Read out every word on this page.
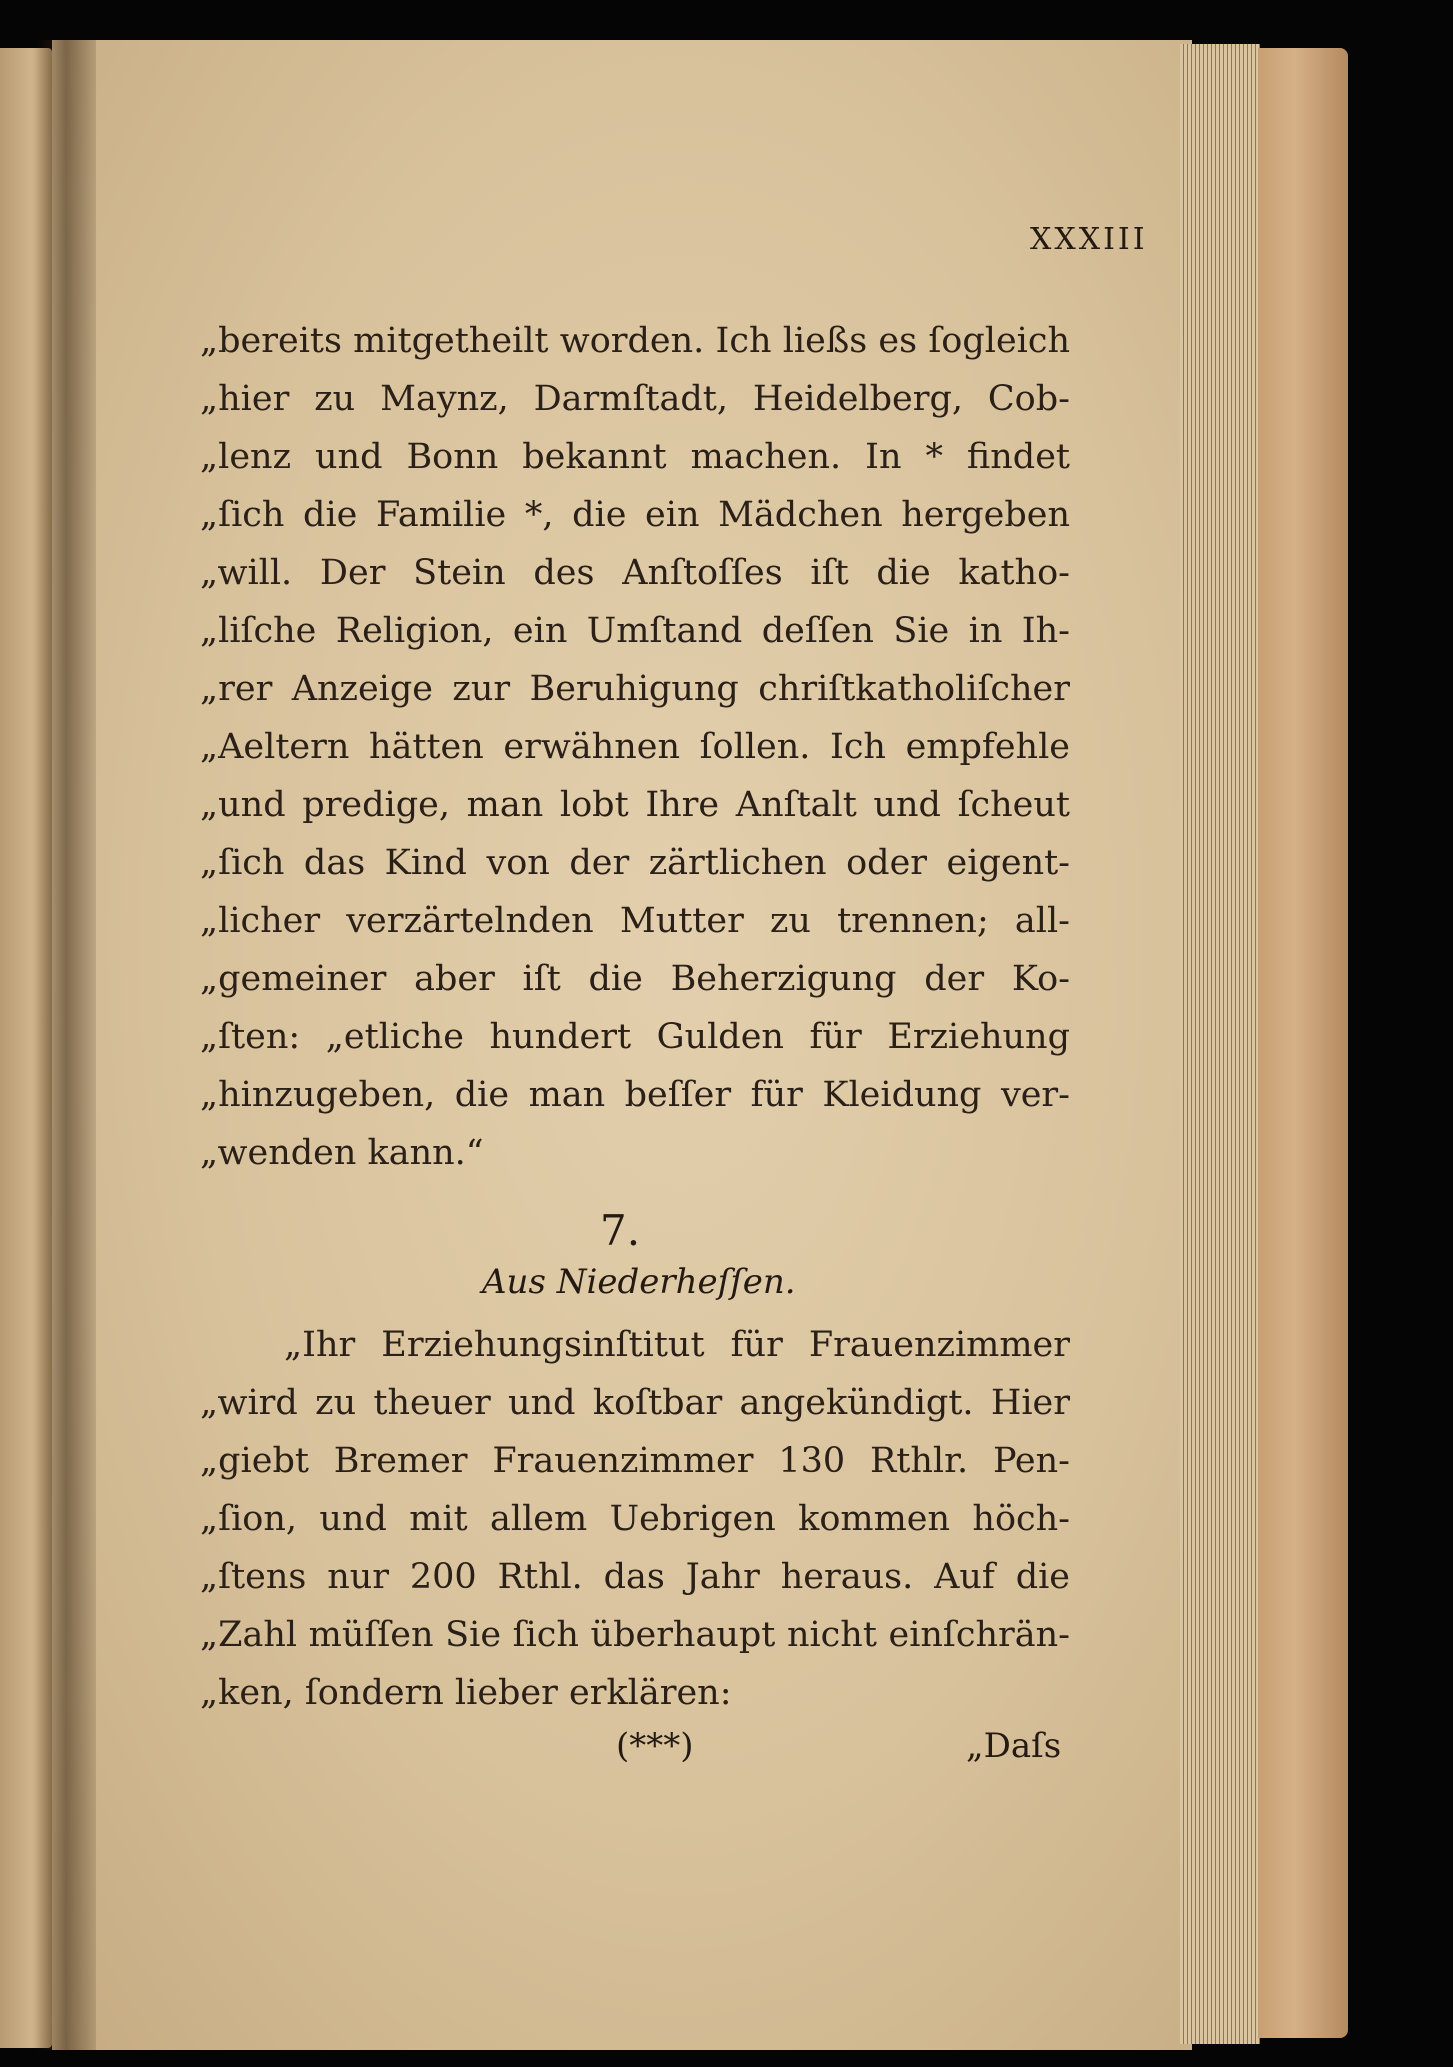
XXXIII
„bereits mitgetheilt worden. Ich ließs es ſogleich
„hier zu Maynz, Darmſtadt, Heidelberg, Cob-
„lenz und Bonn bekannt machen. In * findet
„ſich die Familie *, die ein Mädchen hergeben
„will. Der Stein des Anſtoſſes iſt die katho-
„liſche Religion, ein Umſtand deſſen Sie in Ih-
„rer Anzeige zur Beruhigung chriſtkatholiſcher
„Aeltern hätten erwähnen ſollen. Ich empfehle
„und predige, man lobt Ihre Anſtalt und ſcheut
„ſich das Kind von der zärtlichen oder eigent-
„licher verzärtelnden Mutter zu trennen; all-
„gemeiner aber iſt die Beherzigung der Ko-
„ſten: „etliche hundert Gulden für Erziehung
„hinzugeben, die man beſſer für Kleidung ver-
„wenden kann.“
7.
Aus Niederheſſen.
„Ihr Erziehungsinſtitut für Frauenzimmer
„wird zu theuer und koſtbar angekündigt. Hier
„giebt Bremer Frauenzimmer 130 Rthlr. Pen-
„ſion, und mit allem Uebrigen kommen höch-
„ſtens nur 200 Rthl. das Jahr heraus. Auf die
„Zahl müſſen Sie ſich überhaupt nicht einſchrän-
„ken, ſondern lieber erklären:
(***)	„Daſs
